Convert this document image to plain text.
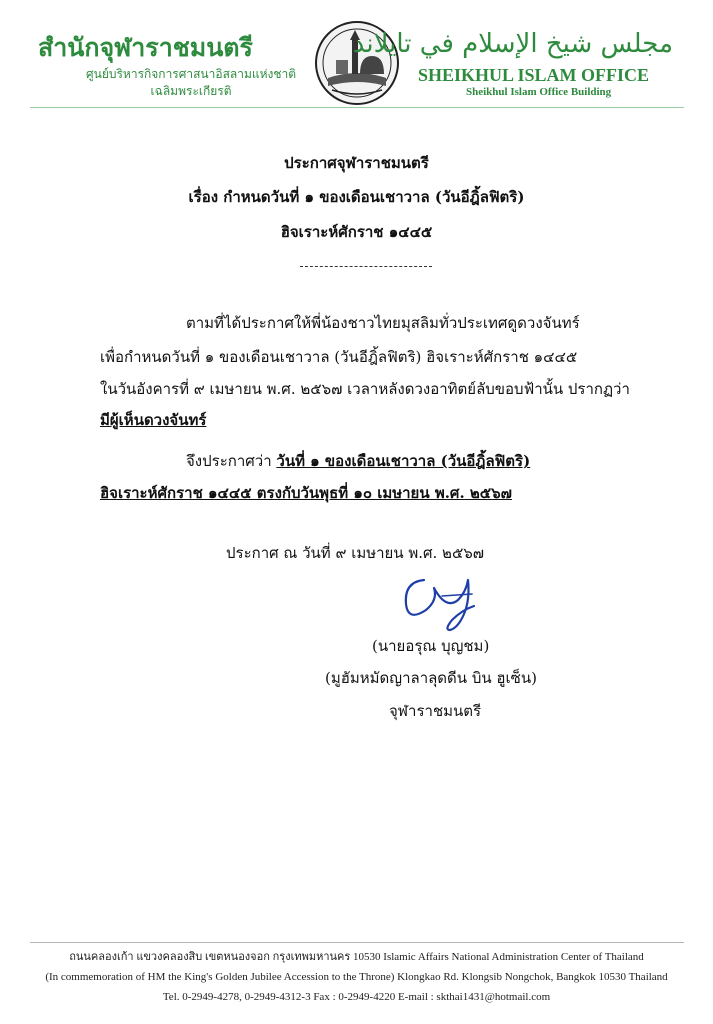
สำนักจุฬาราชมนตรี
ศูนย์บริหารกิจการศาสนาอิสลามแห่งชาติ
เฉลิมพระเกียรติ
مجلس شيخ الإسلام في تايلاند
SHEIKHUL ISLAM OFFICE
Sheikhul Islam Office Building
ประกาศจุฬาราชมนตรี
เรื่อง กำหนดวันที่ ๑ ของเดือนเชาวาล (วันอีฎิ้ลฟิตริ)
ฮิจเราะห์ศักราช ๑๔๔๕
ตามที่ได้ประกาศให้พี่น้องชาวไทยมุสลิมทั่วประเทศดูดวงจันทร์
เพื่อกำหนดวันที่ ๑ ของเดือนเชาวาล (วันอีฎิ้ลฟิตริ) ฮิจเราะห์ศักราช ๑๔๔๕
ในวันอังคารที่ ๙ เมษายน พ.ศ. ๒๕๖๗ เวลาหลังดวงอาทิตย์ลับขอบฟ้านั้น ปรากฏว่า
มีผู้เห็นดวงจันทร์
จึงประกาศว่า วันที่ ๑ ของเดือนเชาวาล (วันอีฎิ้ลฟิตริ)
ฮิจเราะห์ศักราช ๑๔๔๕ ตรงกับวันพุธที่ ๑๐ เมษายน พ.ศ. ๒๕๖๗
ประกาศ ณ วันที่ ๙ เมษายน พ.ศ. ๒๕๖๗
(นายอรุณ บุญชม)
(มูฮัมหมัดญาลาลุดดีน บิน ฮูเซ็น)
จุฬาราชมนตรี
ถนนคลองเก้า แขวงคลองสิบ เขตหนองจอก กรุงเทพมหานคร 10530 Islamic Affairs National Administration Center of Thailand
(In commemoration of HM the King's Golden Jubilee Accession to the Throne) Klongkao Rd. Klongsib Nongchok, Bangkok 10530 Thailand
Tel. 0-2949-4278, 0-2949-4312-3 Fax : 0-2949-4220 E-mail : skthai1431@hotmail.com
